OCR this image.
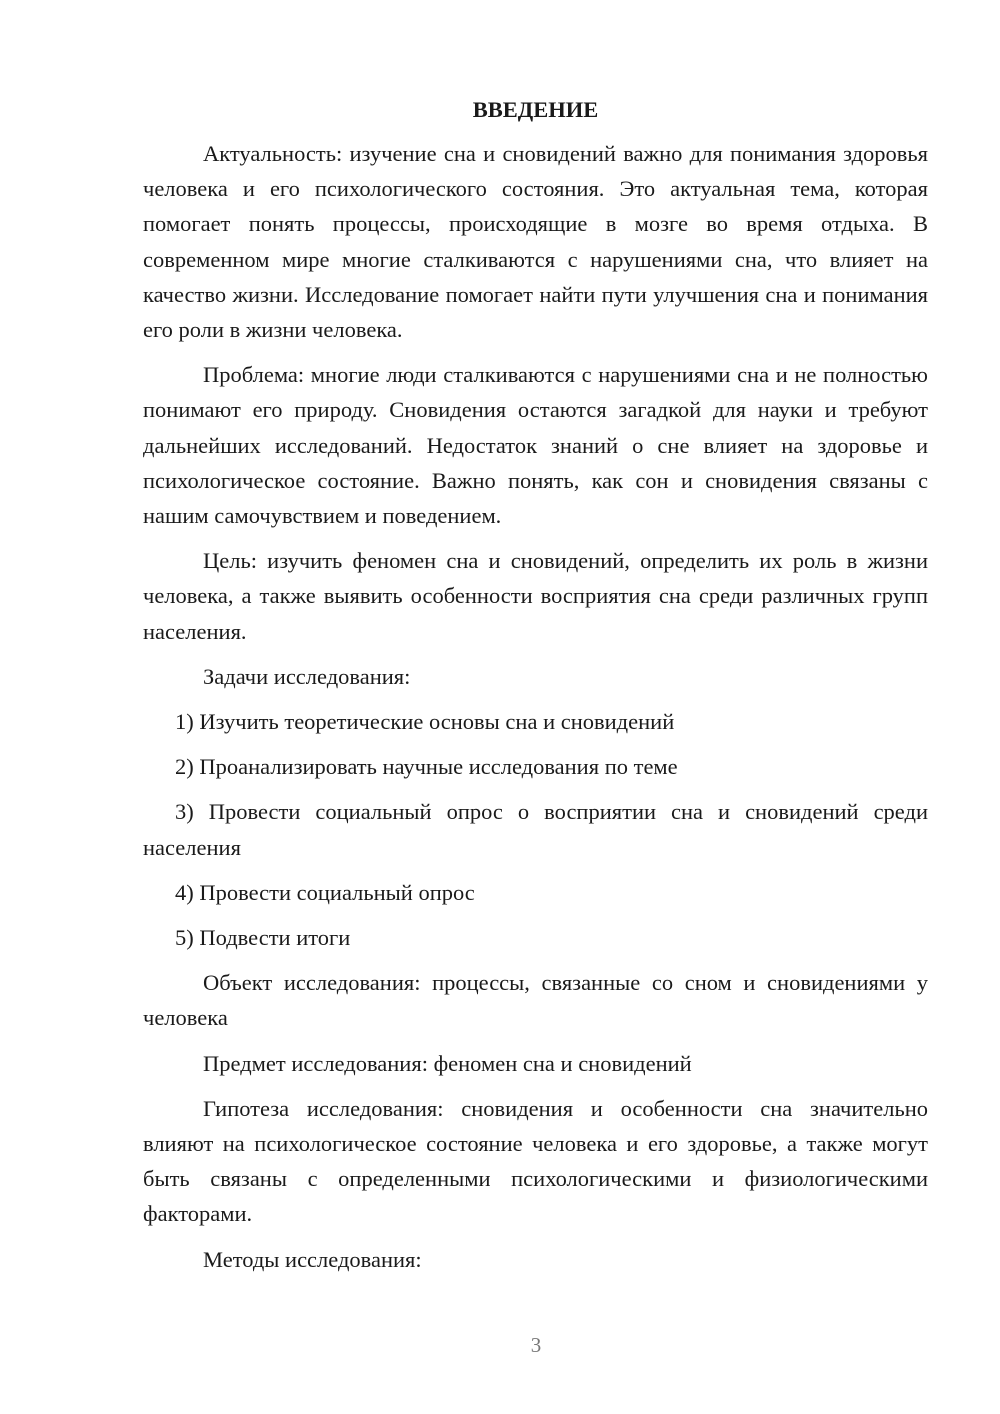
ВВЕДЕНИЕ

Актуальность: изучение сна и сновидений важно для понимания здоровья человека и его психологического состояния. Это актуальная тема, которая помогает понять процессы, происходящие в мозге во время отдыха. В современном мире многие сталкиваются с нарушениями сна, что влияет на качество жизни. Исследование помогает найти пути улучшения сна и понимания его роли в жизни человека.

Проблема: многие люди сталкиваются с нарушениями сна и не полностью понимают его природу. Сновидения остаются загадкой для науки и требуют дальнейших исследований. Недостаток знаний о сне влияет на здоровье и психологическое состояние. Важно понять, как сон и сновидения связаны с нашим самочувствием и поведением.

Цель: изучить феномен сна и сновидений, определить их роль в жизни человека, а также выявить особенности восприятия сна среди различных групп населения.

Задачи исследования:

1) Изучить теоретические основы сна и сновидений

2) Проанализировать научные исследования по теме

3) Провести социальный опрос о восприятии сна и сновидений среди населения

4) Провести социальный опрос

5) Подвести итоги

Объект исследования: процессы, связанные со сном и сновидениями у человека

Предмет исследования: феномен сна и сновидений

Гипотеза исследования: сновидения и особенности сна значительно влияют на психологическое состояние человека и его здоровье, а также могут быть связаны с определенными психологическими и физиологическими факторами.

Методы исследования:

3
